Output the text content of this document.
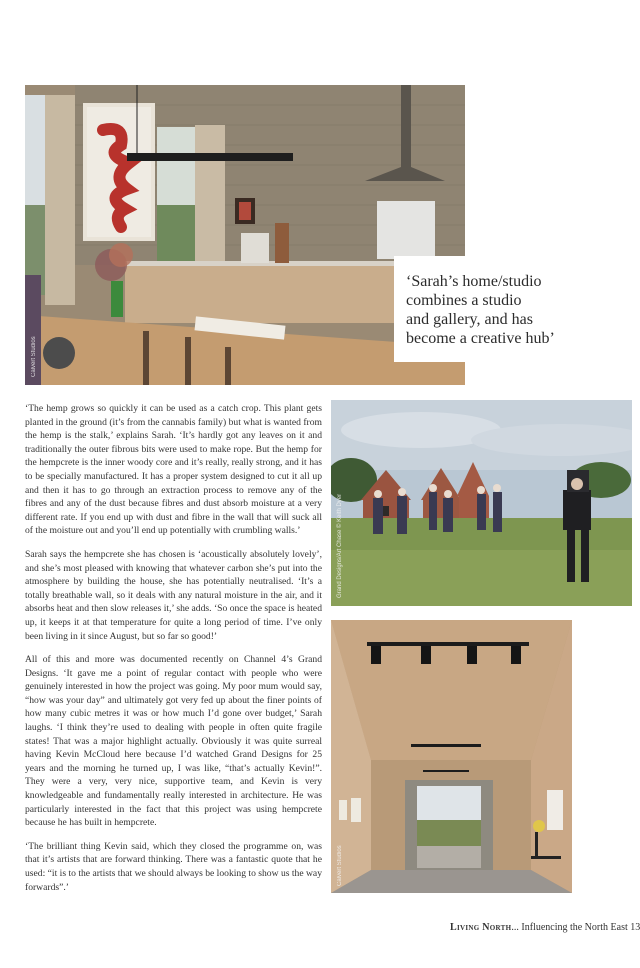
Calvert Studios
‘Sarah’s home/studio
combines a studio
and gallery, and has
become a creative hub’
Grand Designs/Art Chase © Keith Dyer
Calvert Studios

‘The hemp grows so quickly it can be used as a catch crop. This plant gets planted in the ground (it’s from the cannabis family) but what is wanted from the hemp is the stalk,’ explains Sarah. ‘It’s hardly got any leaves on it and traditionally the outer fibrous bits were used to make rope. But the hemp for the hempcrete is the inner woody core and it’s really, really strong, and it has to be specially manufactured. It has a proper system designed to cut it all up and then it has to go through an extraction process to remove any of the fibres and any of the dust because fibres and dust absorb moisture at a very different rate. If you end up with dust and fibre in the wall that will suck all of the moisture out and you’ll end up potentially with crumbling walls.’

Sarah says the hempcrete she has chosen is ‘acoustically absolutely lovely’, and she’s most pleased with knowing that whatever carbon she’s put into the atmosphere by building the house, she has potentially neutralised. ‘It’s a totally breathable wall, so it deals with any natural moisture in the air, and it absorbs heat and then slow releases it,’ she adds. ‘So once the space is heated up, it keeps it at that temperature for quite a long period of time. I’ve only been living in it since August, but so far so good!’

All of this and more was documented recently on Channel 4’s Grand Designs. ‘It gave me a point of regular contact with people who were genuinely interested in how the project was going. My poor mum would say, “how was your day” and ultimately got very fed up about the finer points of how many cubic metres it was or how much I’d gone over budget,’ Sarah laughs. ‘I think they’re used to dealing with people in often quite fragile states! That was a major highlight actually. Obviously it was quite surreal having Kevin McCloud here because I’d watched Grand Designs for 25 years and the morning he turned up, I was like, “that’s actually Kevin!”. They were a very, very nice, supportive team, and Kevin is very knowledgeable and fundamentally really interested in architecture. He was particularly interested in the fact that this project was using hempcrete because he has built in hempcrete.

‘The brilliant thing Kevin said, which they closed the programme on, was that it’s artists that are forward thinking. There was a fantastic quote that he used: “it is to the artists that we should always be looking to show us the way forwards”.’

Living North... Influencing the North East 13
